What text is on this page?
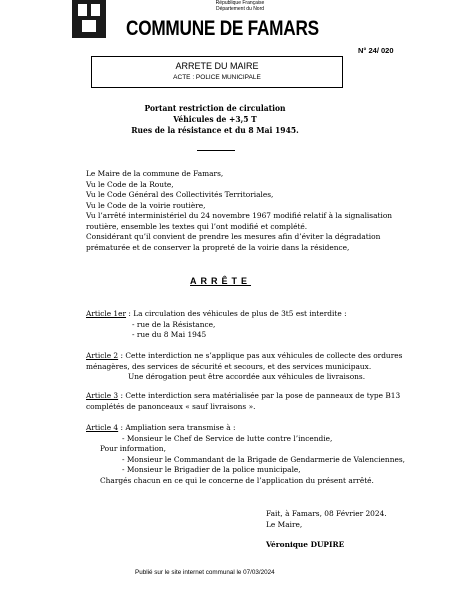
République Française
Département du Nord
COMMUNE DE FAMARS
N° 24/ 020
ARRETE DU MAIRE
ACTE : POLICE MUNICIPALE
Portant restriction de circulation
Véhicules de +3,5 T
Rues de la résistance et du 8 Mai 1945.
Le Maire de la commune de Famars,
Vu le Code de la Route,
Vu le Code Général des Collectivités Territoriales,
Vu le Code de la voirie routière,
Vu l’arrêté interministériel du 24 novembre 1967 modifié relatif à la signalisation
routière, ensemble les textes qui l’ont modifié et complété.
Considérant qu’il convient de prendre les mesures afin d’éviter la dégradation
prématurée et de conserver la propreté de la voirie dans la résidence,
ARRÊTE
Article 1er : La circulation des véhicules de plus de 3t5 est interdite :
- rue de la Résistance,
- rue du 8 Mai 1945
Article 2 : Cette interdiction ne s’applique pas aux véhicules de collecte des ordures
ménagères, des services de sécurité et secours, et des services municipaux.
Une dérogation peut être accordée aux véhicules de livraisons.
Article 3 : Cette interdiction sera matérialisée par la pose de panneaux de type B13
complétés de panonceaux « sauf livraisons ».
Article 4 : Ampliation sera transmise à :
- Monsieur le Chef de Service de lutte contre l’incendie,
Pour information,
- Monsieur le Commandant de la Brigade de Gendarmerie de Valenciennes,
- Monsieur le Brigadier de la police municipale,
Chargés chacun en ce qui le concerne de l’application du présent arrêté.
Fait, à Famars, 08 Février 2024.
Le Maire,
Véronique DUPIRE
Publié sur le site internet communal le 07/03/2024
